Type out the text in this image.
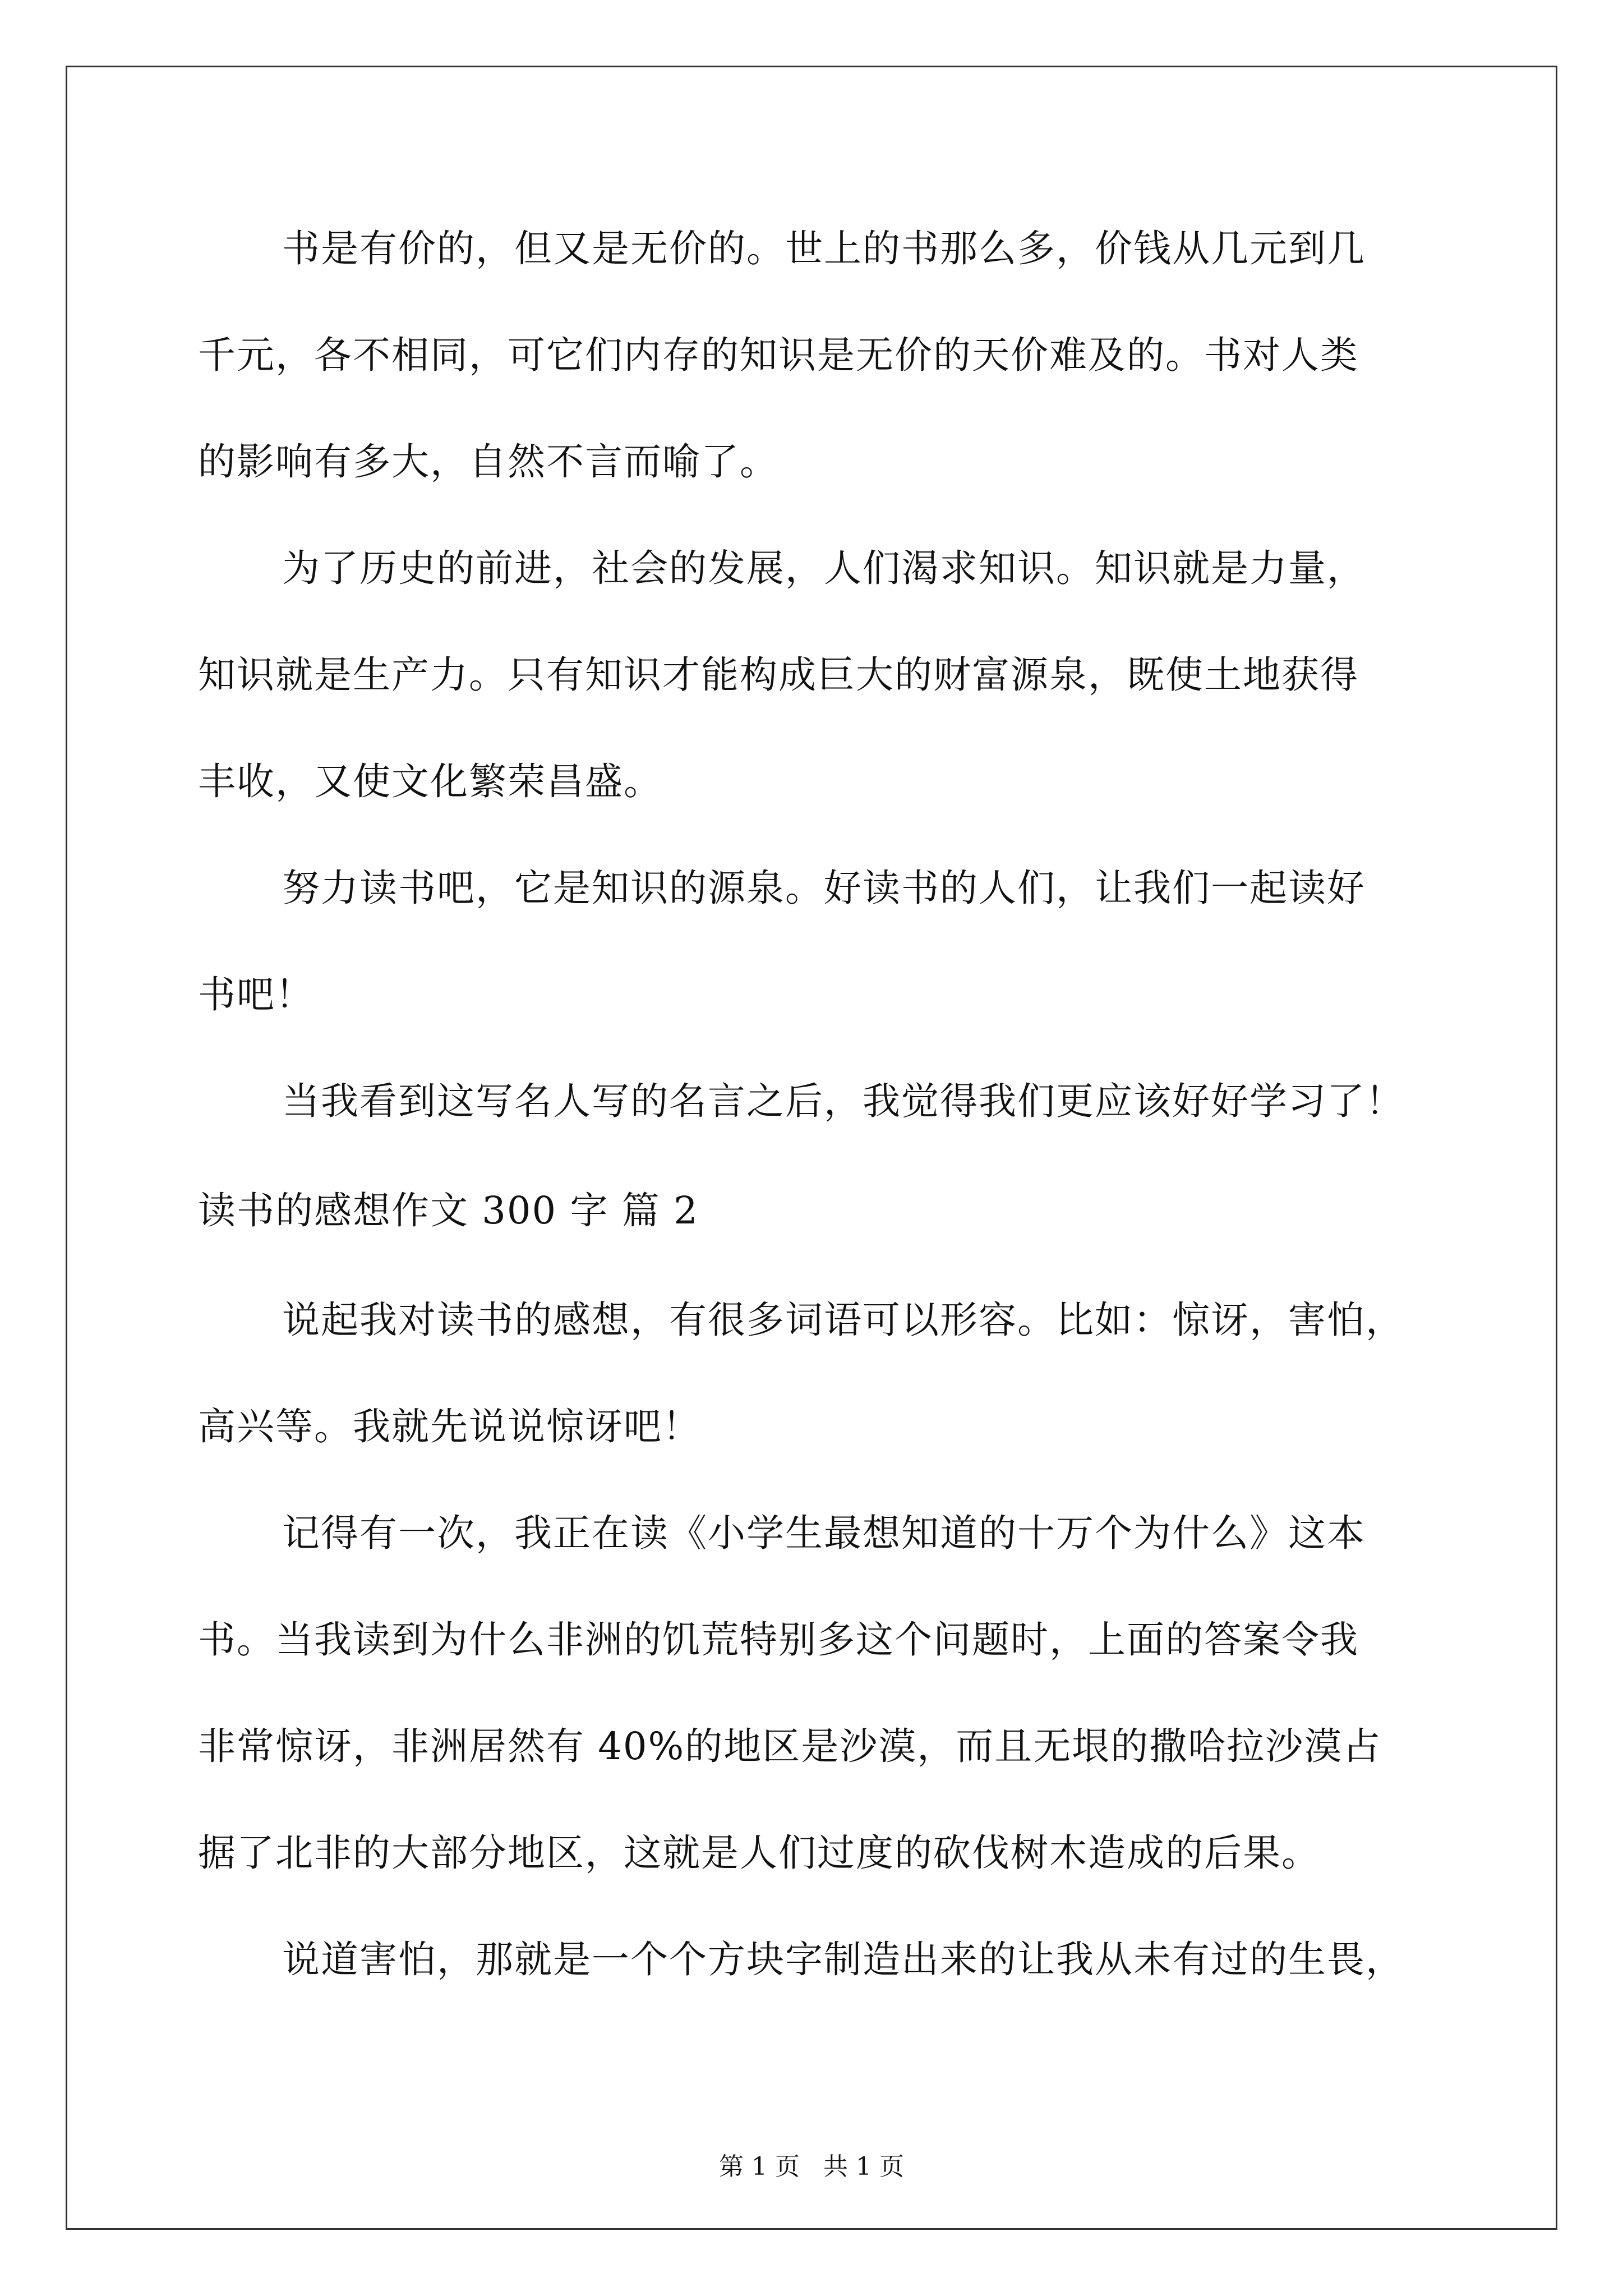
书是有价的，但又是无价的。世上的书那么多，价钱从几元到几
千元，各不相同，可它们内存的知识是无价的天价难及的。书对人类
的影响有多大，自然不言而喻了。
为了历史的前进，社会的发展，人们渴求知识。知识就是力量，
知识就是生产力。只有知识才能构成巨大的财富源泉，既使土地获得
丰收，又使文化繁荣昌盛。
努力读书吧，它是知识的源泉。好读书的人们，让我们一起读好
书吧！
当我看到这写名人写的名言之后，我觉得我们更应该好好学习了！
读书的感想作文 300 字 篇 2
说起我对读书的感想，有很多词语可以形容。比如：惊讶，害怕，
高兴等。我就先说说惊讶吧！
记得有一次，我正在读《小学生最想知道的十万个为什么》这本
书。当我读到为什么非洲的饥荒特别多这个问题时，上面的答案令我
非常惊讶，非洲居然有 40%的地区是沙漠，而且无垠的撒哈拉沙漠占
据了北非的大部分地区，这就是人们过度的砍伐树木造成的后果。
说道害怕，那就是一个个方块字制造出来的让我从未有过的生畏，
第 1 页   共 1 页
